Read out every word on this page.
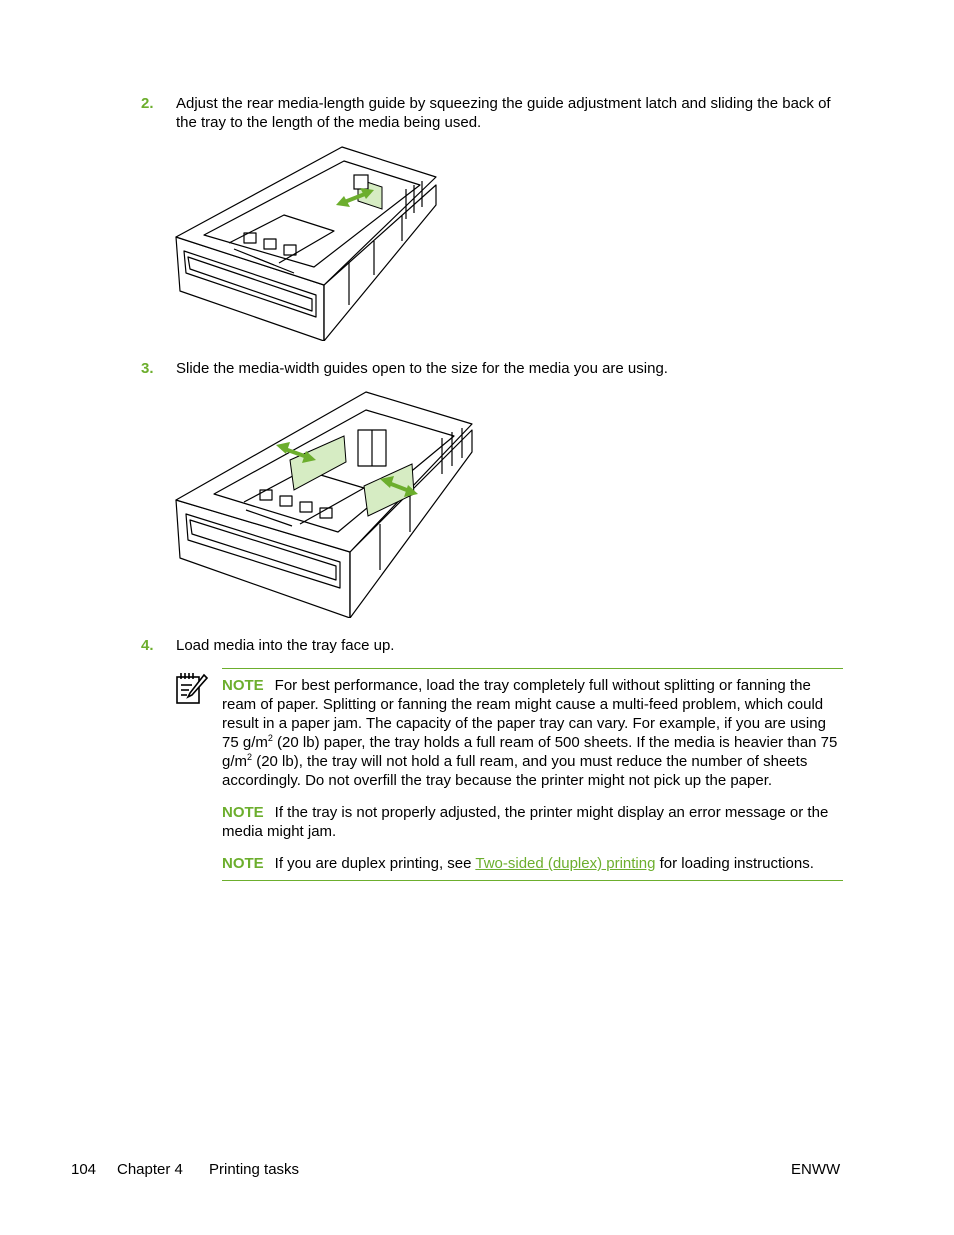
2. Adjust the rear media-length guide by squeezing the guide adjustment latch and sliding the back of the tray to the length of the media being used.
3. Slide the media-width guides open to the size for the media you are using.
4. Load media into the tray face up.
NOTE For best performance, load the tray completely full without splitting or fanning the ream of paper. Splitting or fanning the ream might cause a multi-feed problem, which could result in a paper jam. The capacity of the paper tray can vary. For example, if you are using 75 $g/m^2$ (20 lb) paper, the tray holds a full ream of 500 sheets. If the media is heavier than 75 $g/m^2$ (20 lb), the tray will not hold a full ream, and you must reduce the number of sheets accordingly. Do not overfill the tray because the printer might not pick up the paper.
NOTE If the tray is not properly adjusted, the printer might display an error message or the media might jam.
NOTE If you are duplex printing, see Two-sided (duplex) printing for loading instructions.
104 Chapter 4 Printing tasks	ENWW
